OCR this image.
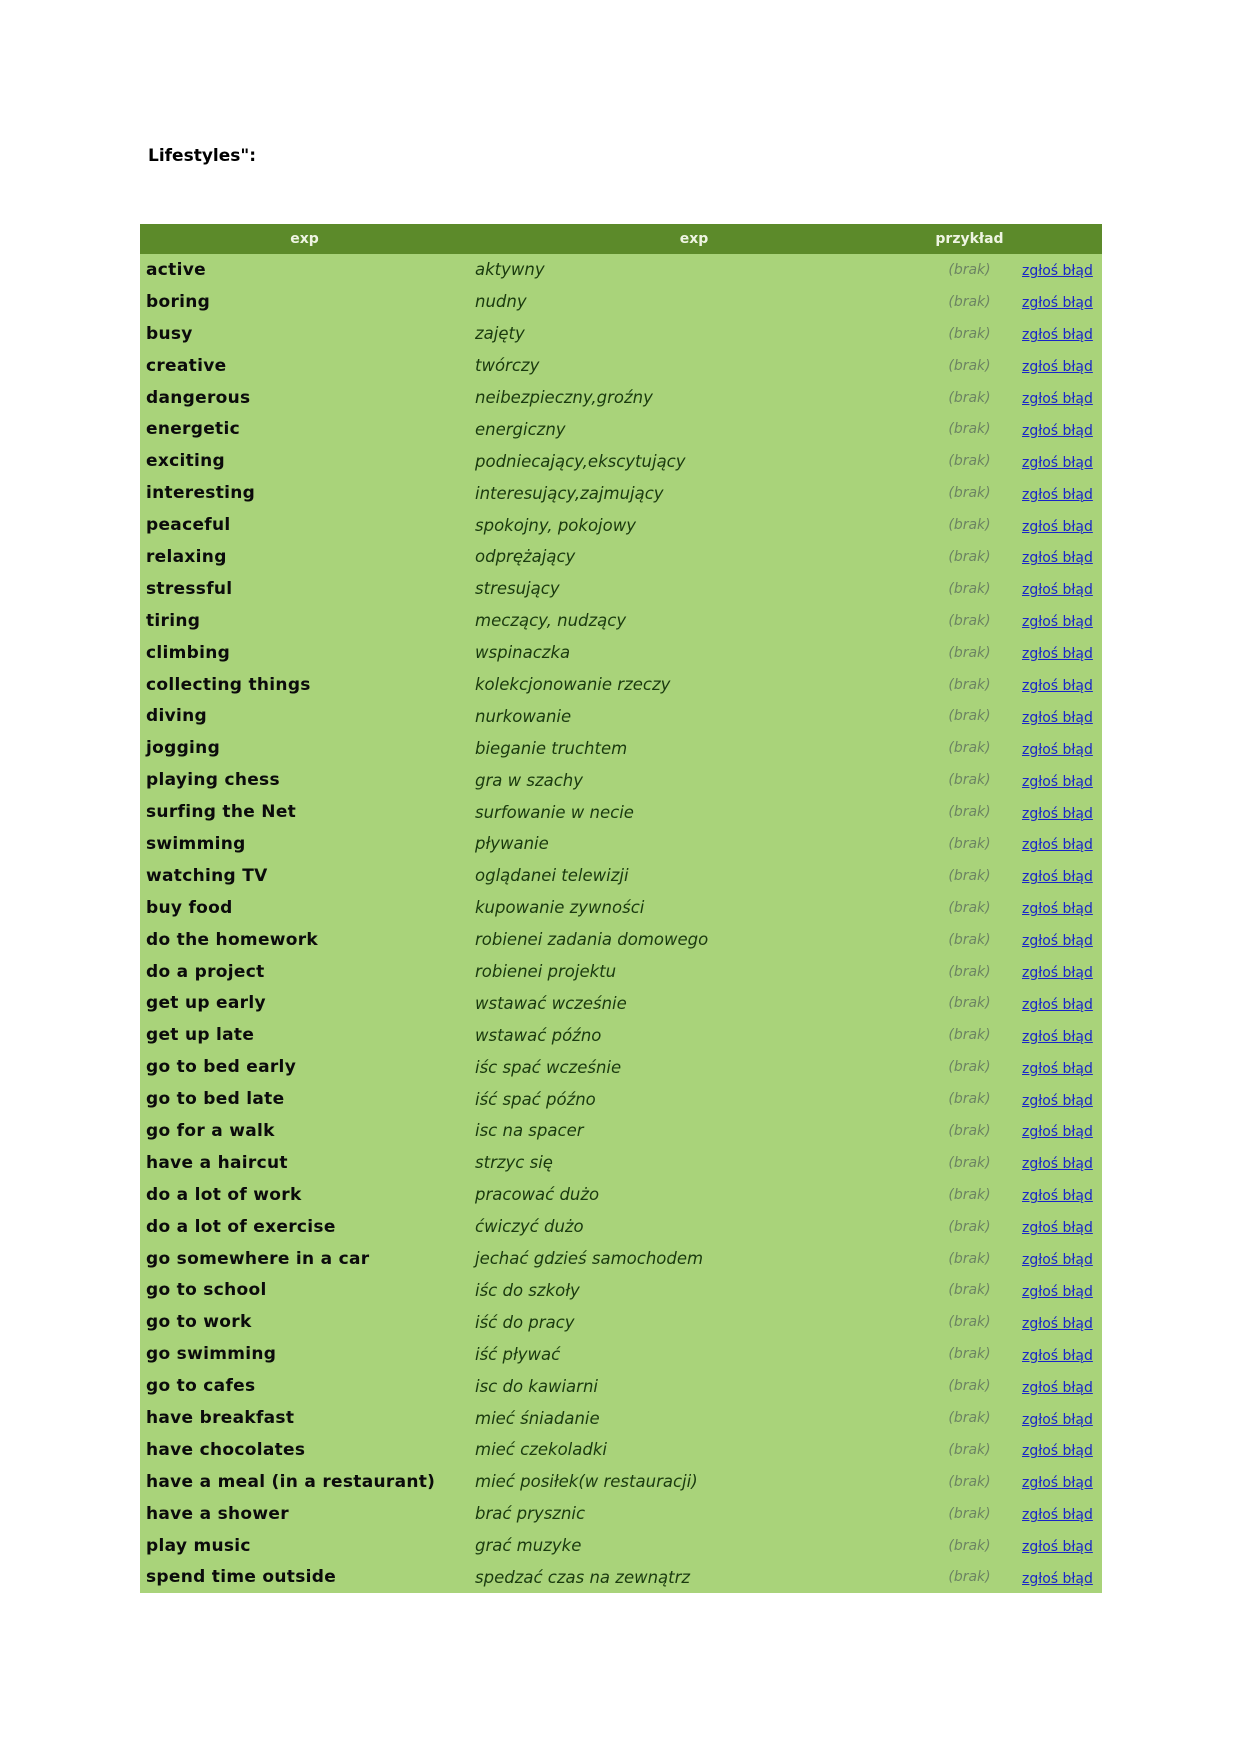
Lifestyles":
exp	exp	przykład	
active	aktywny	(brak)	zgłoś błąd
boring	nudny	(brak)	zgłoś błąd
busy	zajęty	(brak)	zgłoś błąd
creative	twórczy	(brak)	zgłoś błąd
dangerous	neibezpieczny,groźny	(brak)	zgłoś błąd
energetic	energiczny	(brak)	zgłoś błąd
exciting	podniecający,ekscytujący	(brak)	zgłoś błąd
interesting	interesujący,zajmujący	(brak)	zgłoś błąd
peaceful	spokojny, pokojowy	(brak)	zgłoś błąd
relaxing	odprężający	(brak)	zgłoś błąd
stressful	stresujący	(brak)	zgłoś błąd
tiring	meczący, nudzący	(brak)	zgłoś błąd
climbing	wspinaczka	(brak)	zgłoś błąd
collecting things	kolekcjonowanie rzeczy	(brak)	zgłoś błąd
diving	nurkowanie	(brak)	zgłoś błąd
jogging	bieganie truchtem	(brak)	zgłoś błąd
playing chess	gra w szachy	(brak)	zgłoś błąd
surfing the Net	surfowanie w necie	(brak)	zgłoś błąd
swimming	pływanie	(brak)	zgłoś błąd
watching TV	oglądanei telewizji	(brak)	zgłoś błąd
buy food	kupowanie zywności	(brak)	zgłoś błąd
do the homework	robienei zadania domowego	(brak)	zgłoś błąd
do a project	robienei projektu	(brak)	zgłoś błąd
get up early	wstawać wcześnie	(brak)	zgłoś błąd
get up late	wstawać późno	(brak)	zgłoś błąd
go to bed early	iśc spać wcześnie	(brak)	zgłoś błąd
go to bed late	iść spać późno	(brak)	zgłoś błąd
go for a walk	isc na spacer	(brak)	zgłoś błąd
have a haircut	strzyc się	(brak)	zgłoś błąd
do a lot of work	pracować dużo	(brak)	zgłoś błąd
do a lot of exercise	ćwiczyć dużo	(brak)	zgłoś błąd
go somewhere in a car	jechać gdzieś samochodem	(brak)	zgłoś błąd
go to school	iśc do szkoły	(brak)	zgłoś błąd
go to work	iść do pracy	(brak)	zgłoś błąd
go swimming	iść pływać	(brak)	zgłoś błąd
go to cafes	isc do kawiarni	(brak)	zgłoś błąd
have breakfast	mieć śniadanie	(brak)	zgłoś błąd
have chocolates	mieć czekoladki	(brak)	zgłoś błąd
have a meal (in a restaurant)	mieć posiłek(w restauracji)	(brak)	zgłoś błąd
have a shower	brać prysznic	(brak)	zgłoś błąd
play music	grać muzyke	(brak)	zgłoś błąd
spend time outside	spedzać czas na zewnątrz	(brak)	zgłoś błąd
